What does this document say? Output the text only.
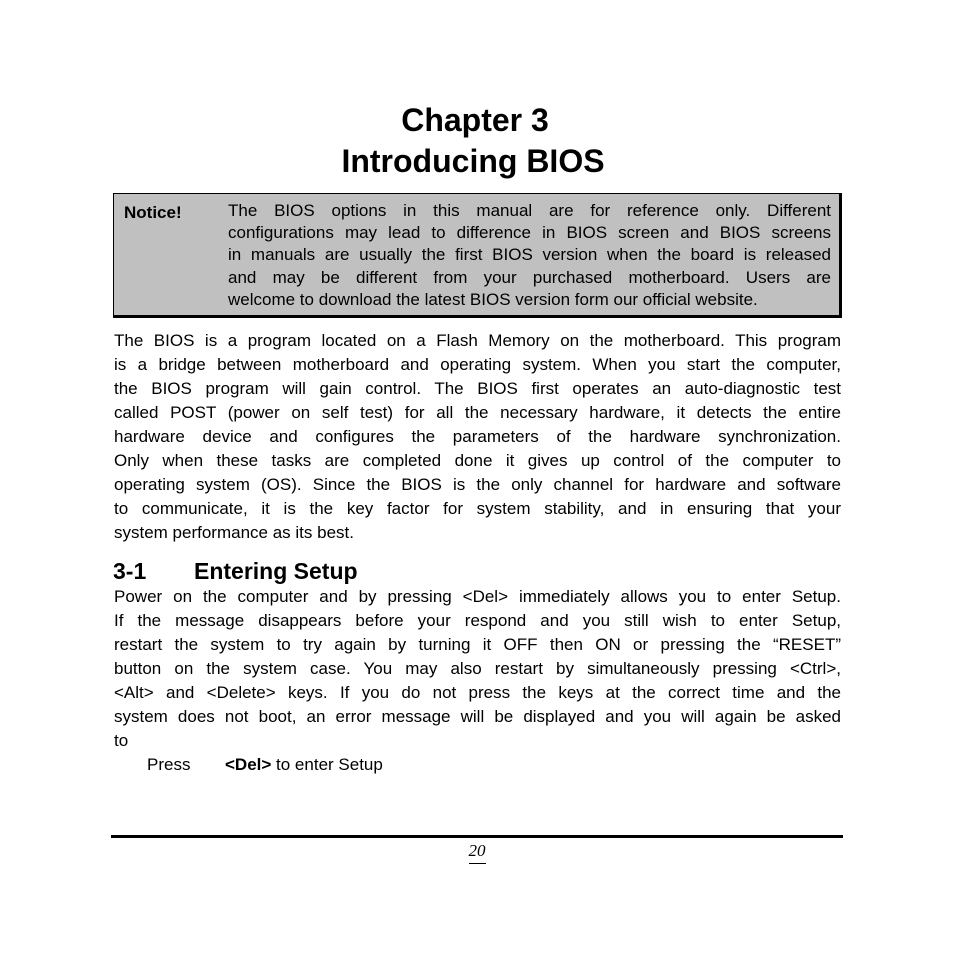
Chapter 3
Introducing BIOS
Notice!	The BIOS options in this manual are for reference only. Different
configurations may lead to difference in BIOS screen and BIOS screens
in manuals are usually the first BIOS version when the board is released
and may be different from your purchased motherboard. Users are
welcome to download the latest BIOS version form our official website.
The BIOS is a program located on a Flash Memory on the motherboard. This program
is a bridge between motherboard and operating system. When you start the computer,
the BIOS program will gain control. The BIOS first operates an auto-diagnostic test
called POST (power on self test) for all the necessary hardware, it detects the entire
hardware device and configures the parameters of the hardware synchronization.
Only when these tasks are completed done it gives up control of the computer to
operating system (OS). Since the BIOS is the only channel for hardware and software
to communicate, it is the key factor for system stability, and in ensuring that your
system performance as its best.
3-1 Entering Setup
Power on the computer and by pressing <Del> immediately allows you to enter Setup.
If the message disappears before your respond and you still wish to enter Setup,
restart the system to try again by turning it OFF then ON or pressing the “RESET”
button on the system case. You may also restart by simultaneously pressing <Ctrl>,
<Alt> and <Delete> keys. If you do not press the keys at the correct time and the
system does not boot, an error message will be displayed and you will again be asked
to
Press <Del> to enter Setup
20
